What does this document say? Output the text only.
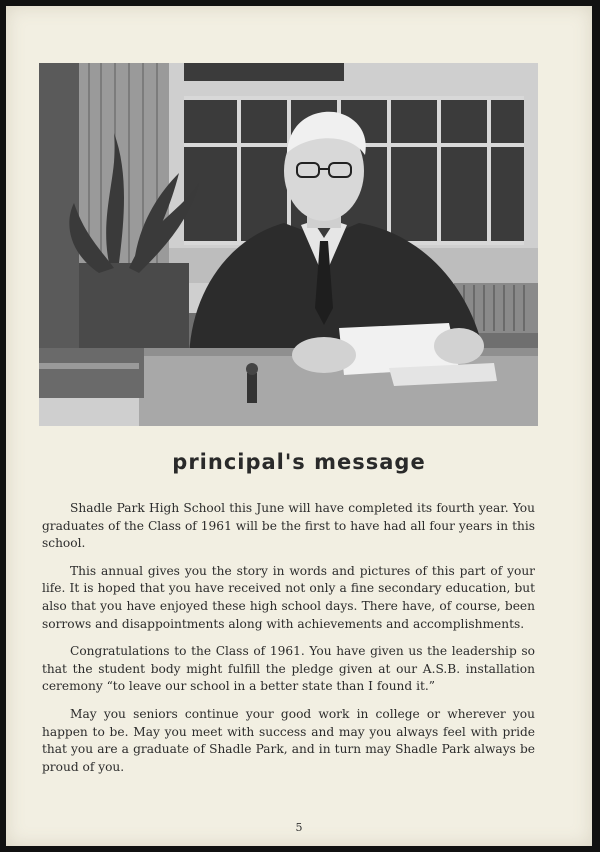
principal's message

Shadle Park High School this June will have completed its fourth year. You graduates of the Class of 1961 will be the first to have had all four years in this school.

This annual gives you the story in words and pictures of this part of your life. It is hoped that you have received not only a fine secondary education, but also that you have enjoyed these high school days. There have, of course, been sorrows and disappointments along with achievements and accomplishments.

Congratulations to the Class of 1961. You have given us the leadership so that the student body might fulfill the pledge given at our A.S.B. installation ceremony “to leave our school in a better state than I found it.”

May you seniors continue your good work in college or wherever you happen to be. May you meet with success and may you always feel with pride that you are a graduate of Shadle Park, and in turn may Shadle Park always be proud of you.

5
